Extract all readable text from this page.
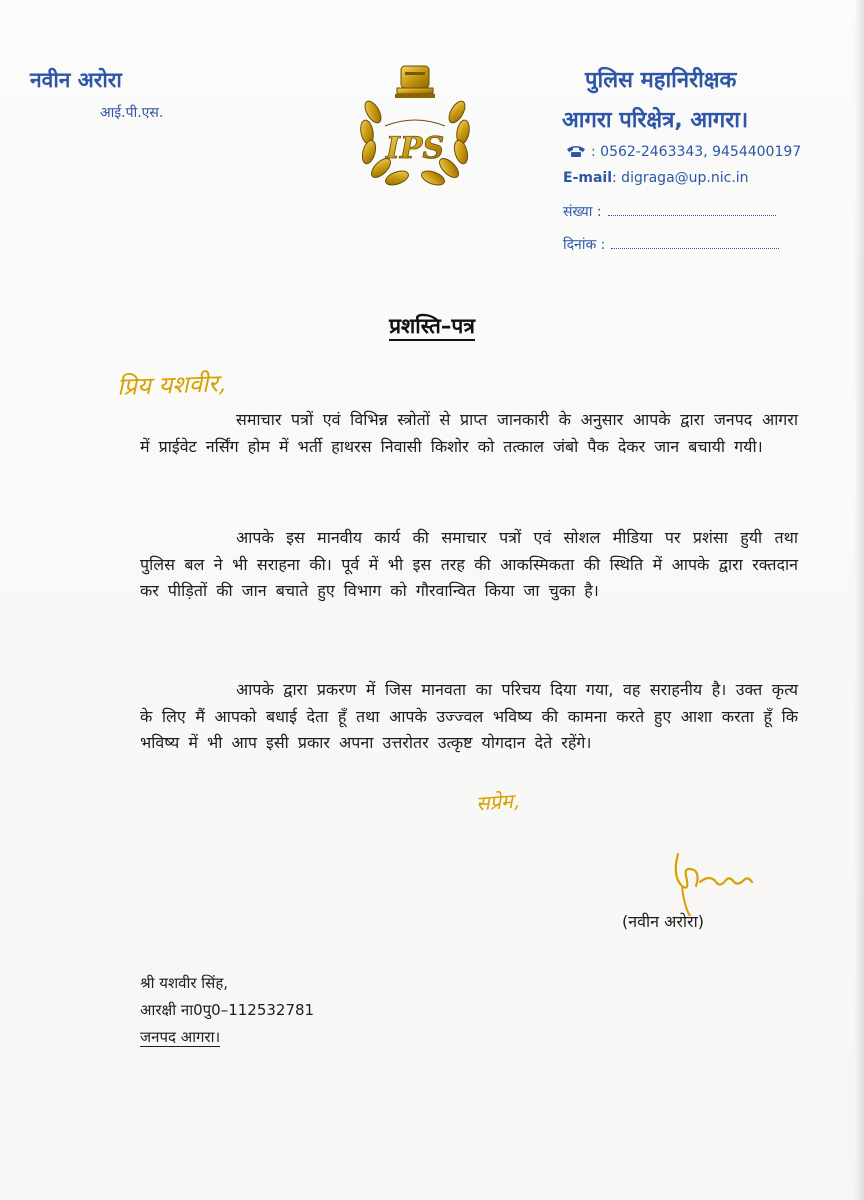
नवीन अरोरा
आई.पी.एस.
IPS
पुलिस महानिरीक्षक
आगरा परिक्षेत्र, आगरा।
: 0562-2463343, 9454400197
E-mail: digraga@up.nic.in
संख्या :
दिनांक :
प्रशस्ति–पत्र
प्रिय यशवीर,
समाचार पत्रों एवं विभिन्न स्त्रोतों से प्राप्त जानकारी के अनुसार आपके द्वारा जनपद आगरा में प्राईवेट नर्सिंग होम में भर्ती हाथरस निवासी किशोर को तत्काल जंबो पैक देकर जान बचायी गयी।
आपके इस मानवीय कार्य की समाचार पत्रों एवं सोशल मीडिया पर प्रशंसा हुयी तथा पुलिस बल ने भी सराहना की। पूर्व में भी इस तरह की आकस्मिकता की स्थिति में आपके द्वारा रक्तदान कर पीड़ितों की जान बचाते हुए विभाग को गौरवान्वित किया जा चुका है।
आपके द्वारा प्रकरण में जिस मानवता का परिचय दिया गया, वह सराहनीय है। उक्त कृत्य के लिए मैं आपको बधाई देता हूँ तथा आपके उज्ज्वल भविष्य की कामना करते हुए आशा करता हूँ कि भविष्य में भी आप इसी प्रकार अपना उत्तरोतर उत्कृष्ट योगदान देते रहेंगे।
सप्रेम,
(नवीन अरोरा)
श्री यशवीर सिंह,
आरक्षी ना0पु0–112532781
जनपद आगरा।
